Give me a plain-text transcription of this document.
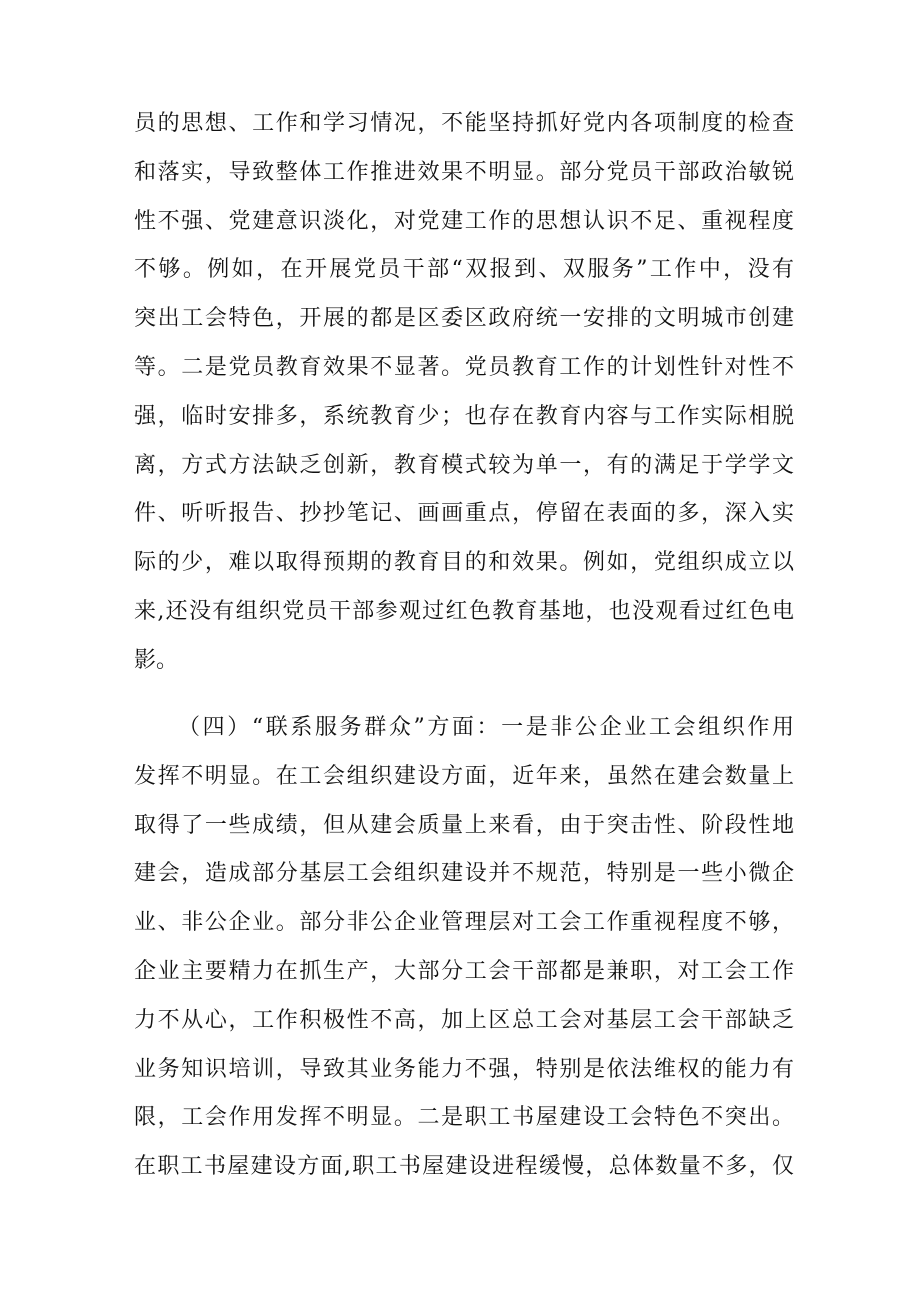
员的思想、工作和学习情况，不能坚持抓好党内各项制度的检查
和落实，导致整体工作推进效果不明显。部分党员干部政治敏锐
性不强、党建意识淡化，对党建工作的思想认识不足、重视程度
不够。例如，在开展党员干部“双报到、双服务”工作中，没有
突出工会特色，开展的都是区委区政府统一安排的文明城市创建
等。二是党员教育效果不显著。党员教育工作的计划性针对性不
强，临时安排多，系统教育少；也存在教育内容与工作实际相脱
离，方式方法缺乏创新，教育模式较为单一，有的满足于学学文
件、听听报告、抄抄笔记、画画重点，停留在表面的多，深入实
际的少，难以取得预期的教育目的和效果。例如，党组织成立以
来,还没有组织党员干部参观过红色教育基地，也没观看过红色电
影。

（四）“联系服务群众”方面：一是非公企业工会组织作用
发挥不明显。在工会组织建设方面，近年来，虽然在建会数量上
取得了一些成绩，但从建会质量上来看，由于突击性、阶段性地
建会，造成部分基层工会组织建设并不规范，特别是一些小微企
业、非公企业。部分非公企业管理层对工会工作重视程度不够，
企业主要精力在抓生产，大部分工会干部都是兼职，对工会工作
力不从心，工作积极性不高，加上区总工会对基层工会干部缺乏
业务知识培训，导致其业务能力不强，特别是依法维权的能力有
限，工会作用发挥不明显。二是职工书屋建设工会特色不突出。
在职工书屋建设方面,职工书屋建设进程缓慢，总体数量不多，仅
